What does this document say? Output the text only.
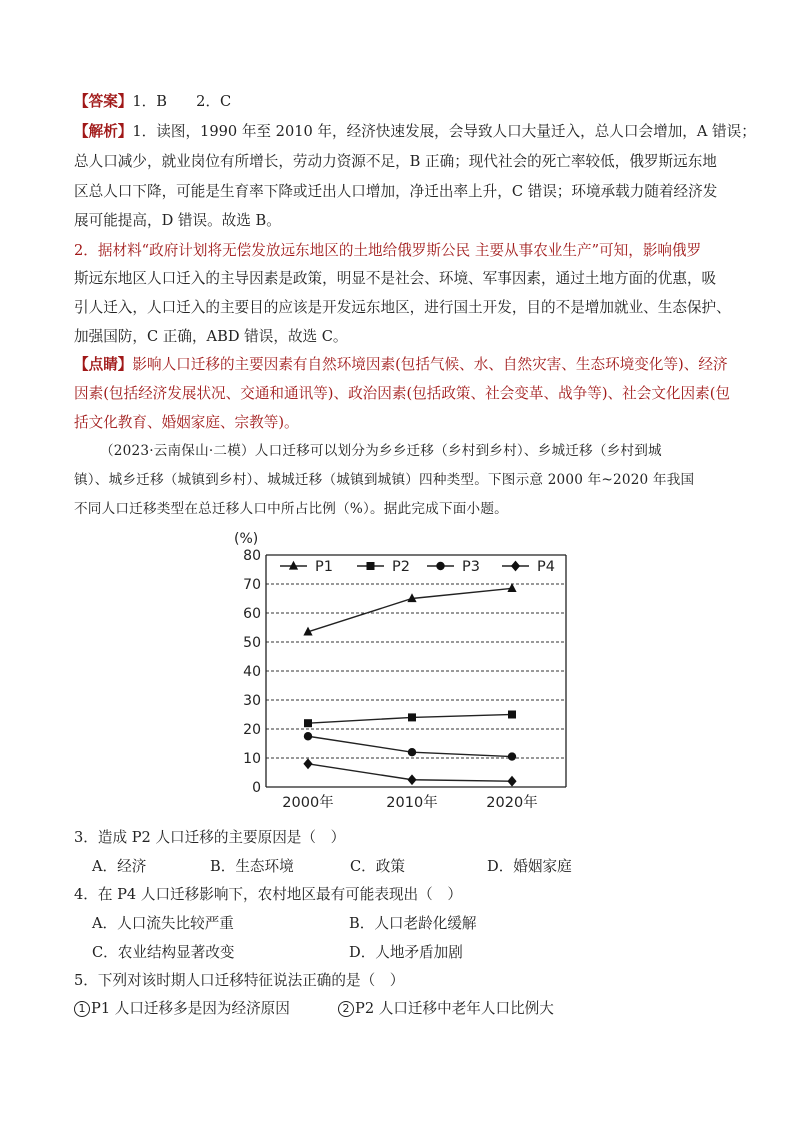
【答案】1．B　　2．C
【解析】1．读图，1990 年至 2010 年，经济快速发展，会导致人口大量迁入，总人口会增加，A 错误；
总人口减少，就业岗位有所增长，劳动力资源不足，B 正确；现代社会的死亡率较低，俄罗斯远东地
区总人口下降，可能是生育率下降或迁出人口增加，净迁出率上升，C 错误；环境承载力随着经济发
展可能提高，D 错误。故选 B。
2．据材料“政府计划将无偿发放远东地区的土地给俄罗斯公民 主要从事农业生产”可知，影响俄罗
斯远东地区人口迁入的主导因素是政策，明显不是社会、环境、军事因素，通过土地方面的优惠，吸
引人迁入，人口迁入的主要目的应该是开发远东地区，进行国土开发，目的不是增加就业、生态保护、
加强国防，C 正确，ABD 错误，故选 C。
【点睛】影响人口迁移的主要因素有自然环境因素(包括气候、水、自然灾害、生态环境变化等)、经济
因素(包括经济发展状况、交通和通讯等)、政治因素(包括政策、社会变革、战争等)、社会文化因素(包
括文化教育、婚姻家庭、宗教等)。
（2023·云南保山·二模）人口迁移可以划分为乡乡迁移（乡村到乡村）、乡城迁移（乡村到城
镇）、城乡迁移（城镇到乡村）、城城迁移（城镇到城镇）四种类型。下图示意 2000 年~2020 年我国
不同人口迁移类型在总迁移人口中所占比例（%）。据此完成下面小题。
0
10
20
30
40
50
60
70
80
(%)
2000年	2010年	2020年
P1	P2	P3	P4
3．造成 P2 人口迁移的主要原因是（　）
A．经济	B．生态环境	C．政策	D．婚姻家庭
4．在 P4 人口迁移影响下，农村地区最有可能表现出（　）
A．人口流失比较严重	B．人口老龄化缓解
C．农业结构显著改变	D．人地矛盾加剧
5．下列对该时期人口迁移特征说法正确的是（　）
1 P1 人口迁移多是因为经济原因	2 P2 人口迁移中老年人口比例大
